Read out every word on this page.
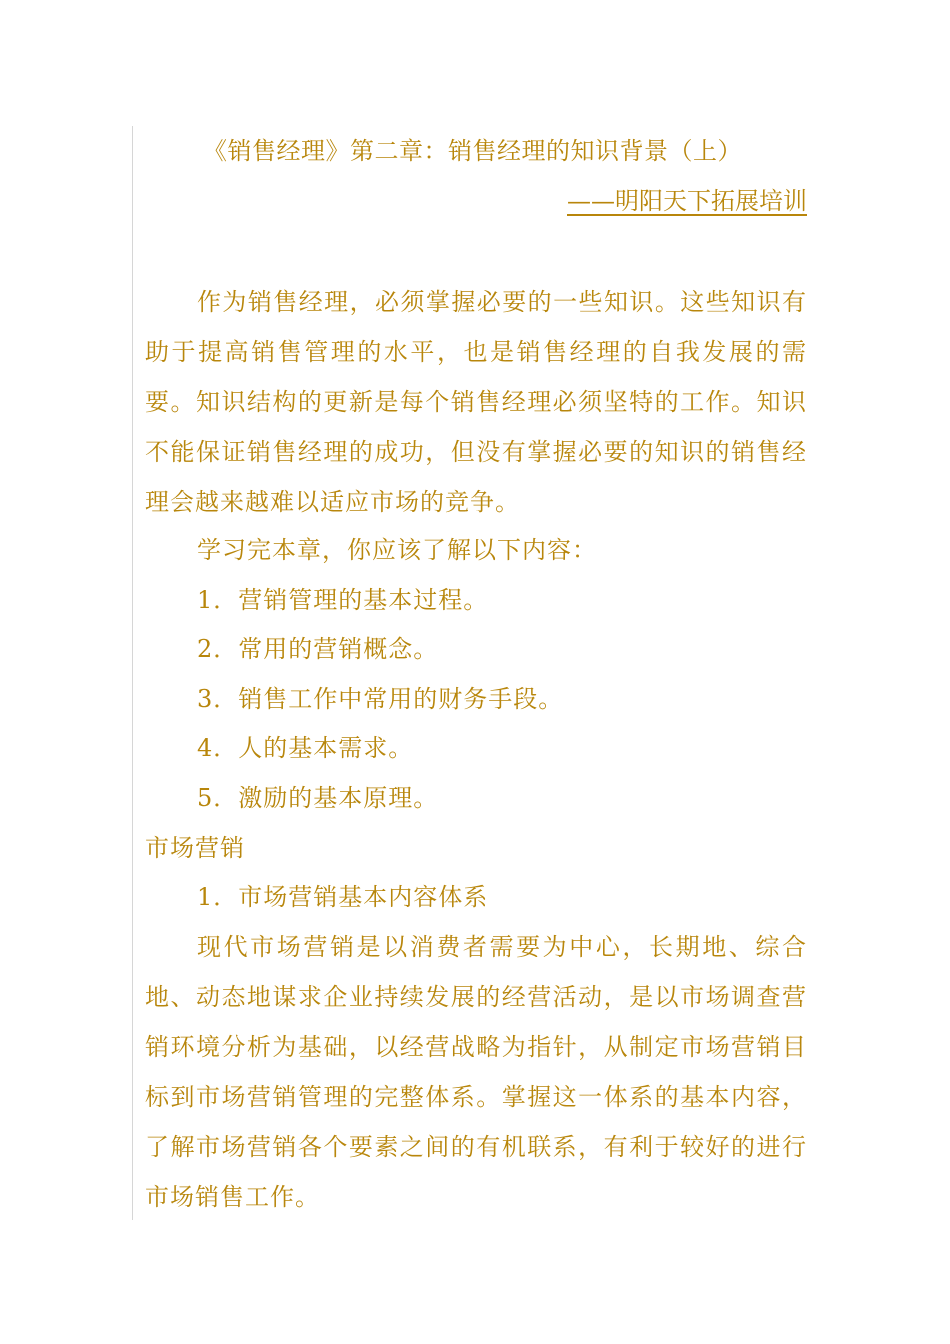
《销售经理》第二章：销售经理的知识背景（上）
——明阳天下拓展培训
作为销售经理，必须掌握必要的一些知识。这些知识有助于提高销售管理的水平，也是销售经理的自我发展的需要。知识结构的更新是每个销售经理必须坚特的工作。知识不能保证销售经理的成功，但没有掌握必要的知识的销售经理会越来越难以适应市场的竞争。
学习完本章，你应该了解以下内容：
1．营销管理的基本过程。
2．常用的营销概念。
3．销售工作中常用的财务手段。
4．人的基本需求。
5．激励的基本原理。
市场营销
1．市场营销基本内容体系
现代市场营销是以消费者需要为中心，长期地、综合地、动态地谋求企业持续发展的经营活动，是以市场调查营销环境分析为基础，以经营战略为指针，从制定市场营销目标到市场营销管理的完整体系。掌握这一体系的基本内容，了解市场营销各个要素之间的有机联系，有利于较好的进行市场销售工作。
